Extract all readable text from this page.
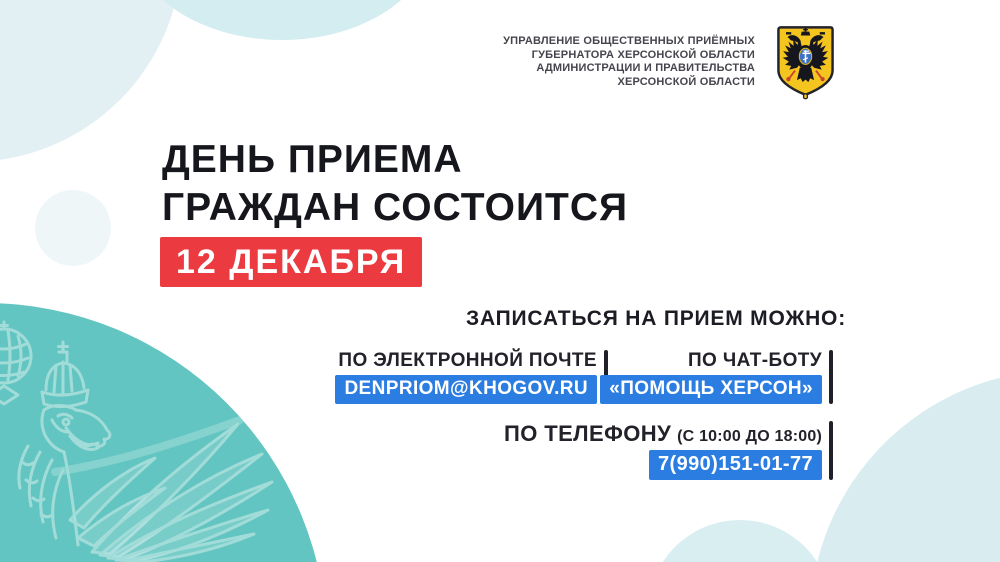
УПРАВЛЕНИЕ ОБЩЕСТВЕННЫХ ПРИЁМНЫХ
ГУБЕРНАТОРА ХЕРСОНСКОЙ ОБЛАСТИ
АДМИНИСТРАЦИИ И ПРАВИТЕЛЬСТВА
ХЕРСОНСКОЙ ОБЛАСТИ
ДЕНЬ ПРИЕМА
ГРАЖДАН СОСТОИТСЯ
12 ДЕКАБРЯ
ЗАПИСАТЬСЯ НА ПРИЕМ МОЖНО:
ПО ЭЛЕКТРОННОЙ ПОЧТЕ
DENPRIOM@KHOGOV.RU
ПО ЧАТ-БОТУ
«ПОМОЩЬ ХЕРСОН»
ПО ТЕЛЕФОНУ (С 10:00 ДО 18:00)
7(990)151-01-77
